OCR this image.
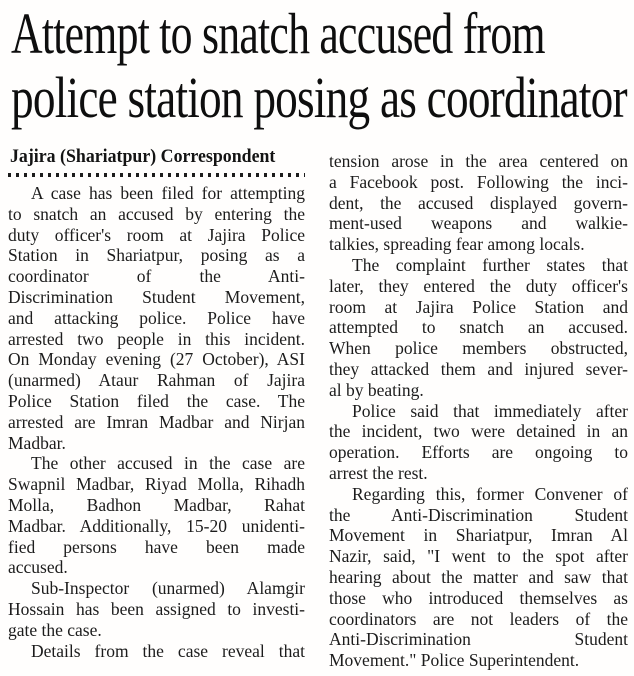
Attempt to snatch accused from
police station posing as coordinator
Jajira (Shariatpur) Correspondent
A case has been filed for attempting
to snatch an accused by entering the
duty officer's room at Jajira Police
Station in Shariatpur, posing as a
coordinator of the Anti-
Discrimination Student Movement,
and attacking police. Police have
arrested two people in this incident.
On Monday evening (27 October), ASI
(unarmed) Ataur Rahman of Jajira
Police Station filed the case. The
arrested are Imran Madbar and Nirjan
Madbar.
The other accused in the case are
Swapnil Madbar, Riyad Molla, Rihadh
Molla, Badhon Madbar, Rahat
Madbar. Additionally, 15-20 unidenti-
fied persons have been made
accused.
Sub-Inspector (unarmed) Alamgir
Hossain has been assigned to investi-
gate the case.
Details from the case reveal that
tension arose in the area centered on
a Facebook post. Following the inci-
dent, the accused displayed govern-
ment-used weapons and walkie-
talkies, spreading fear among locals.
The complaint further states that
later, they entered the duty officer's
room at Jajira Police Station and
attempted to snatch an accused.
When police members obstructed,
they attacked them and injured sever-
al by beating.
Police said that immediately after
the incident, two were detained in an
operation. Efforts are ongoing to
arrest the rest.
Regarding this, former Convener of
the Anti-Discrimination Student
Movement in Shariatpur, Imran Al
Nazir, said, "I went to the spot after
hearing about the matter and saw that
those who introduced themselves as
coordinators are not leaders of the
Anti-Discrimination Student
Movement." Police Superintendent.
